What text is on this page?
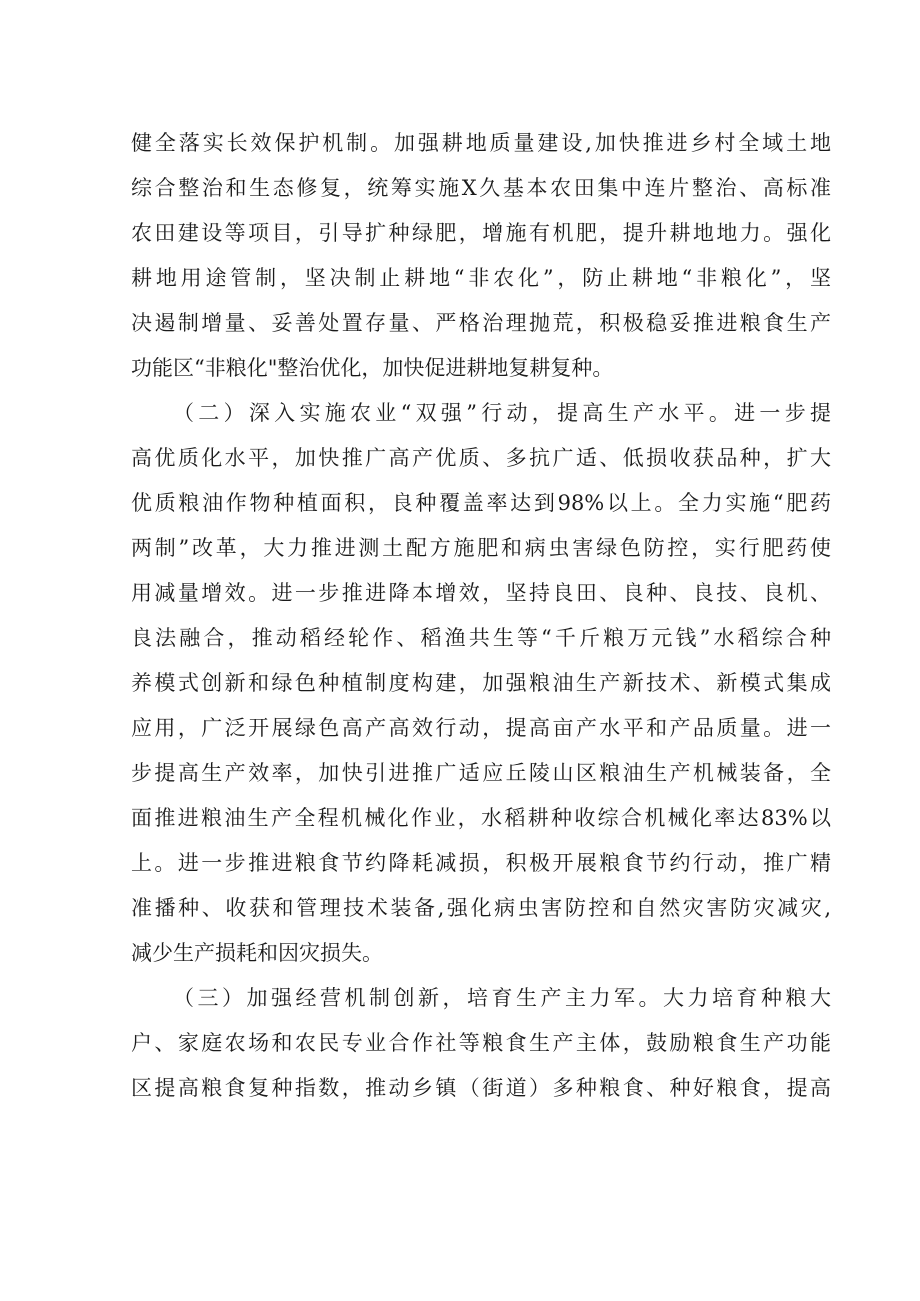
健全落实长效保护机制。加强耕地质量建设,加快推进乡村全域土地
综合整治和生态修复，统筹实施X久基本农田集中连片整治、高标准
农田建设等项目，引导扩种绿肥，增施有机肥，提升耕地地力。强化
耕地用途管制，坚决制止耕地“非农化”，防止耕地“非粮化”，坚
决遏制增量、妥善处置存量、严格治理抛荒，积极稳妥推进粮食生产
功能区“非粮化"整治优化，加快促进耕地复耕复种。
（二）深入实施农业“双强”行动，提高生产水平。进一步提
高优质化水平，加快推广高产优质、多抗广适、低损收获品种，扩大
优质粮油作物种植面积，良种覆盖率达到98%以上。全力实施“肥药
两制”改革，大力推进测土配方施肥和病虫害绿色防控，实行肥药使
用减量增效。进一步推进降本增效，坚持良田、良种、良技、良机、
良法融合，推动稻经轮作、稻渔共生等“千斤粮万元钱”水稻综合种
养模式创新和绿色种植制度构建，加强粮油生产新技术、新模式集成
应用，广泛开展绿色高产高效行动，提高亩产水平和产品质量。进一
步提高生产效率，加快引进推广适应丘陵山区粮油生产机械装备，全
面推进粮油生产全程机械化作业，水稻耕种收综合机械化率达83%以
上。进一步推进粮食节约降耗减损，积极开展粮食节约行动，推广精
准播种、收获和管理技术装备,强化病虫害防控和自然灾害防灾减灾,
减少生产损耗和因灾损失。
（三）加强经营机制创新，培育生产主力军。大力培育种粮大
户、家庭农场和农民专业合作社等粮食生产主体，鼓励粮食生产功能
区提高粮食复种指数，推动乡镇（街道）多种粮食、种好粮食，提高
